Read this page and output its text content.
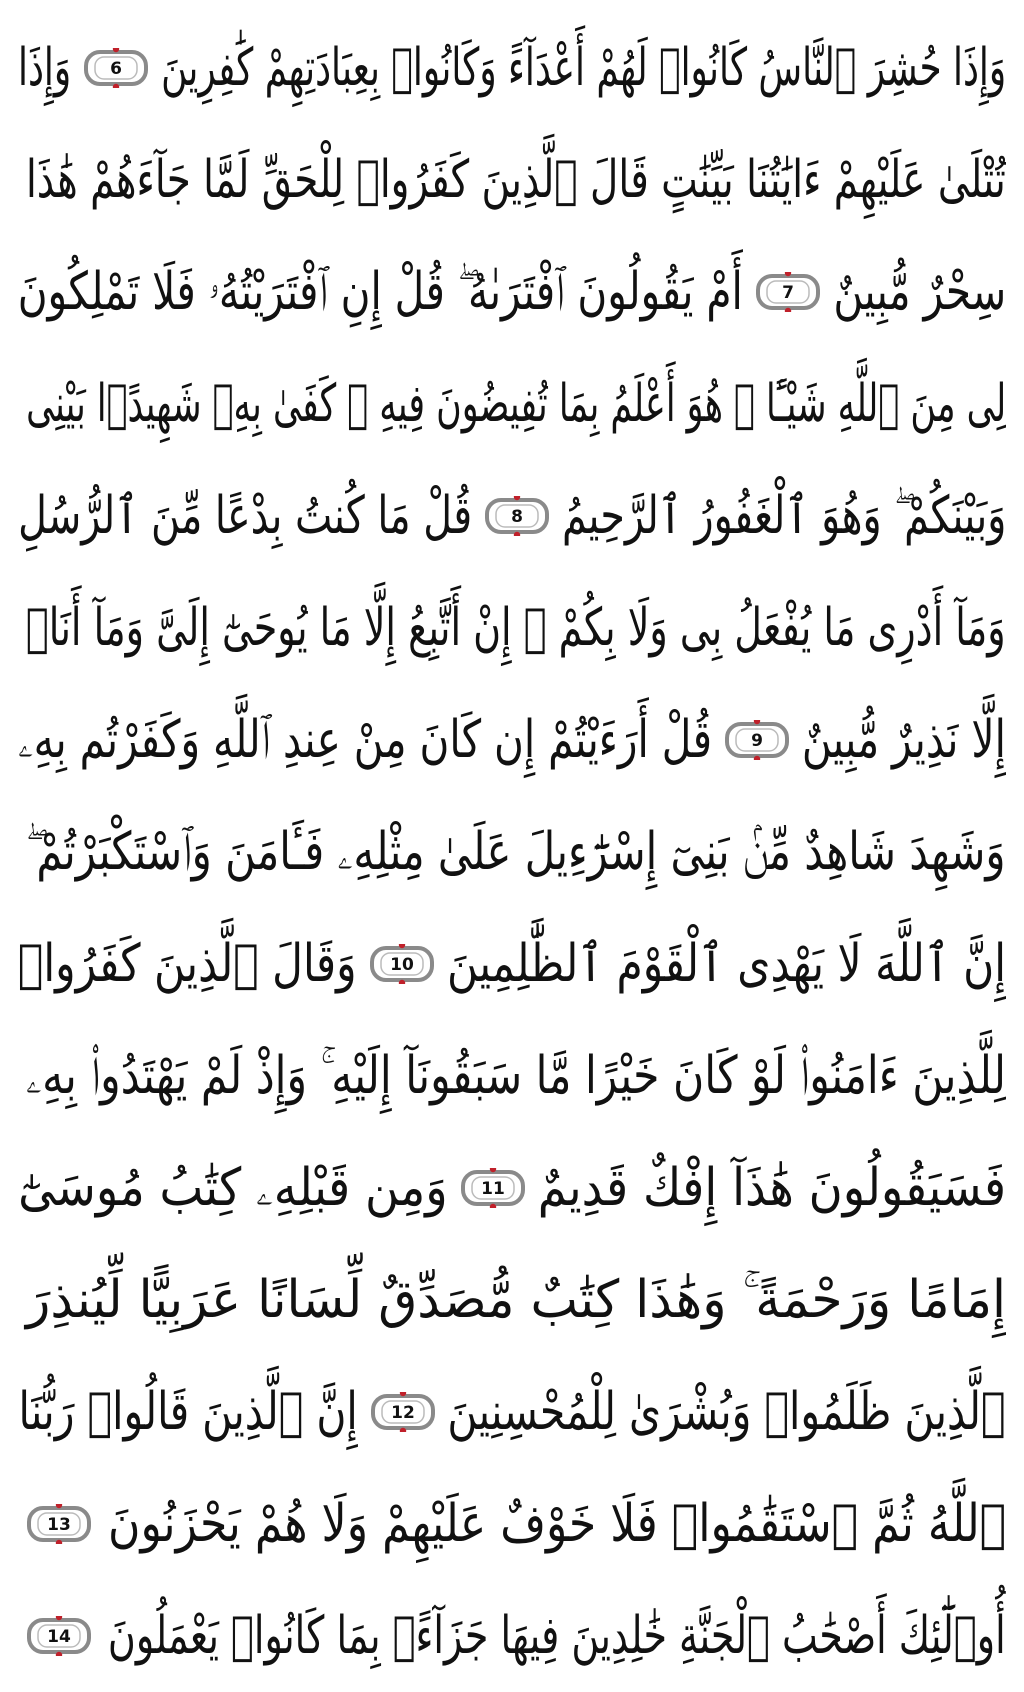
وَإِذَا حُشِرَ ٱلنَّاسُ كَانُوا۟ لَهُمْ أَعْدَآءً وَكَانُوا۟ بِعِبَادَتِهِمْ كَٰفِرِينَ
6
وَإِذَا
تُتْلَىٰ عَلَيْهِمْ ءَايَٰتُنَا بَيِّنَٰتٍ قَالَ ٱلَّذِينَ كَفَرُوا۟ لِلْحَقِّ لَمَّا جَآءَهُمْ هَٰذَا
سِحْرٌ مُّبِينٌ
7
أَمْ يَقُولُونَ ٱفْتَرَىٰهُ ۖ قُلْ إِنِ ٱفْتَرَيْتُهُۥ فَلَا تَمْلِكُونَ
لِى مِنَ ٱللَّهِ شَيْـًٔا ۖ هُوَ أَعْلَمُ بِمَا تُفِيضُونَ فِيهِ ۖ كَفَىٰ بِهِۦ شَهِيدًۢا بَيْنِى
وَبَيْنَكُمْ ۖ وَهُوَ ٱلْغَفُورُ ٱلرَّحِيمُ
8
قُلْ مَا كُنتُ بِدْعًا مِّنَ ٱلرُّسُلِ
وَمَآ أَدْرِى مَا يُفْعَلُ بِى وَلَا بِكُمْ ۖ إِنْ أَتَّبِعُ إِلَّا مَا يُوحَىٰٓ إِلَىَّ وَمَآ أَنَا۠
إِلَّا نَذِيرٌ مُّبِينٌ
9
قُلْ أَرَءَيْتُمْ إِن كَانَ مِنْ عِندِ ٱللَّهِ وَكَفَرْتُم بِهِۦ
وَشَهِدَ شَاهِدٌ مِّنۢ بَنِىٓ إِسْرَٰٓءِيلَ عَلَىٰ مِثْلِهِۦ فَـَٔامَنَ وَٱسْتَكْبَرْتُمْ ۖ
إِنَّ ٱللَّهَ لَا يَهْدِى ٱلْقَوْمَ ٱلظَّٰلِمِينَ
10
وَقَالَ ٱلَّذِينَ كَفَرُوا۟
لِلَّذِينَ ءَامَنُوا۟ لَوْ كَانَ خَيْرًا مَّا سَبَقُونَآ إِلَيْهِ ۚ وَإِذْ لَمْ يَهْتَدُوا۟ بِهِۦ
فَسَيَقُولُونَ هَٰذَآ إِفْكٌ قَدِيمٌ
11
وَمِن قَبْلِهِۦ كِتَٰبُ مُوسَىٰٓ
إِمَامًا وَرَحْمَةً ۚ وَهَٰذَا كِتَٰبٌ مُّصَدِّقٌ لِّسَانًا عَرَبِيًّا لِّيُنذِرَ
ٱلَّذِينَ ظَلَمُوا۟ وَبُشْرَىٰ لِلْمُحْسِنِينَ
12
إِنَّ ٱلَّذِينَ قَالُوا۟ رَبُّنَا
ٱللَّهُ ثُمَّ ٱسْتَقَٰمُوا۟ فَلَا خَوْفٌ عَلَيْهِمْ وَلَا هُمْ يَحْزَنُونَ
13
أُو۟لَٰٓئِكَ أَصْحَٰبُ ٱلْجَنَّةِ خَٰلِدِينَ فِيهَا جَزَآءًۢ بِمَا كَانُوا۟ يَعْمَلُونَ
14
